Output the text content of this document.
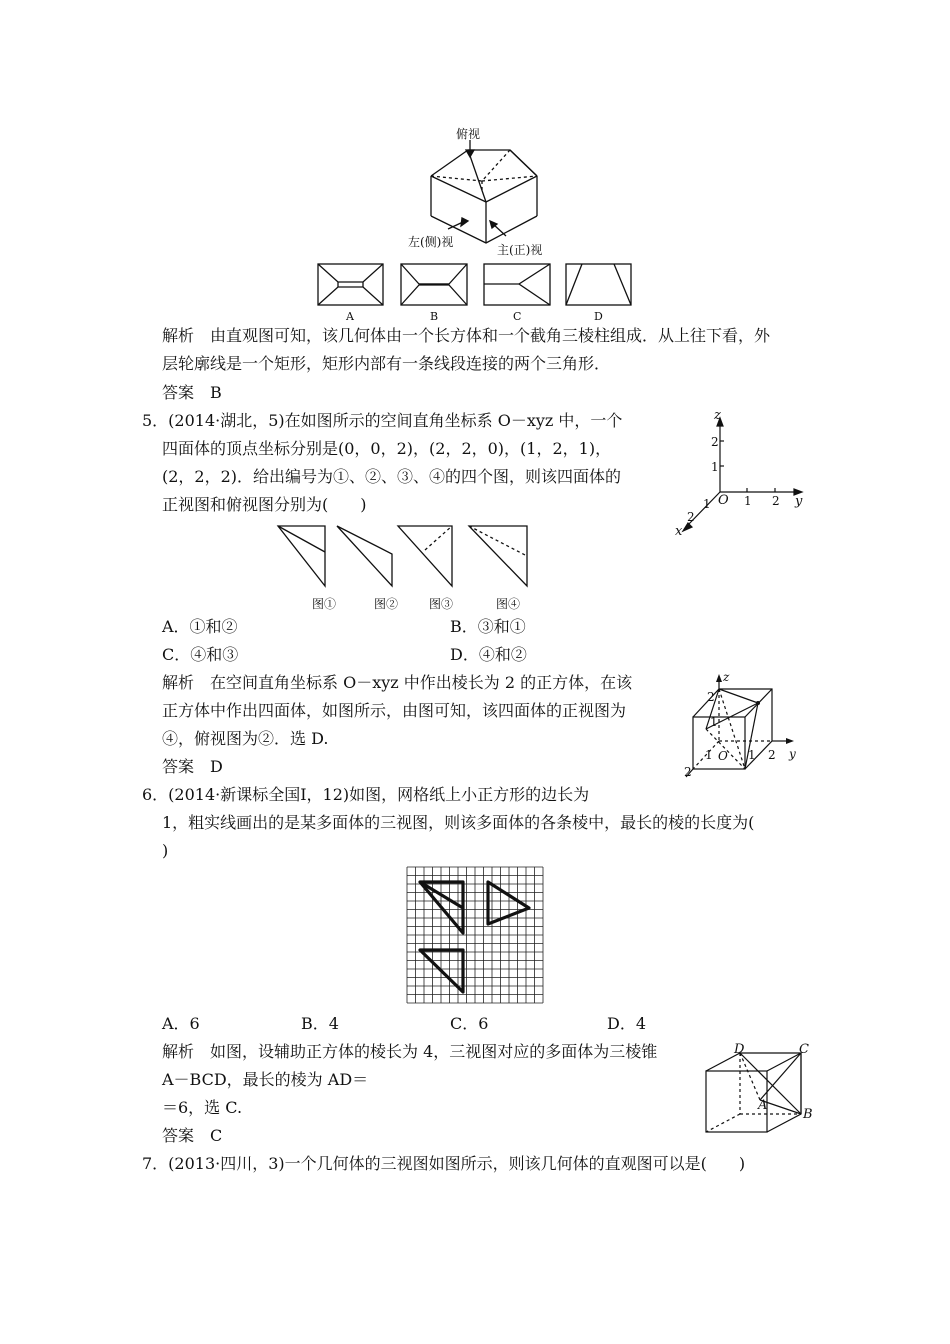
俯视
左(侧)视
主(正)视
A	B	C	D
解析　由直观图可知，该几何体由一个长方体和一个截角三棱柱组成．从上往下看，外
层轮廓线是一个矩形，矩形内部有一条线段连接的两个三角形．
答案　B
5．(2014·湖北，5)在如图所示的空间直角坐标系 O－xyz 中，一个
四面体的顶点坐标分别是(0，0，2)，(2，2，0)，(1，2，1)，
(2，2，2)．给出编号为①、②、③、④的四个图，则该四面体的
正视图和俯视图分别为(　　)
z
2
1
O 1 2 y
1
2
x
图①	图②	图③	图④
A．①和②	B．③和①
C．④和③	D．④和②
解析　在空间直角坐标系 O－xyz 中作出棱长为 2 的正方体，在该
正方体中作出四面体，如图所示，由图可知，该四面体的正视图为
④，俯视图为②．选 D.
答案　D
z
2
1
1 O 1 2 y
2
6．(2014·新课标全国Ⅰ，12)如图，网格纸上小正方形的边长为
1，粗实线画出的是某多面体的三视图，则该多面体的各条棱中，最长的棱的长度为(
)
A．6	B．4	C．6	D．4
解析　如图，设辅助正方体的棱长为 4，三视图对应的多面体为三棱锥
A－BCD，最长的棱为 AD＝
＝6，选 C.
答案　C
D	C
A
B
7．(2013·四川，3)一个几何体的三视图如图所示，则该几何体的直观图可以是(　　)
